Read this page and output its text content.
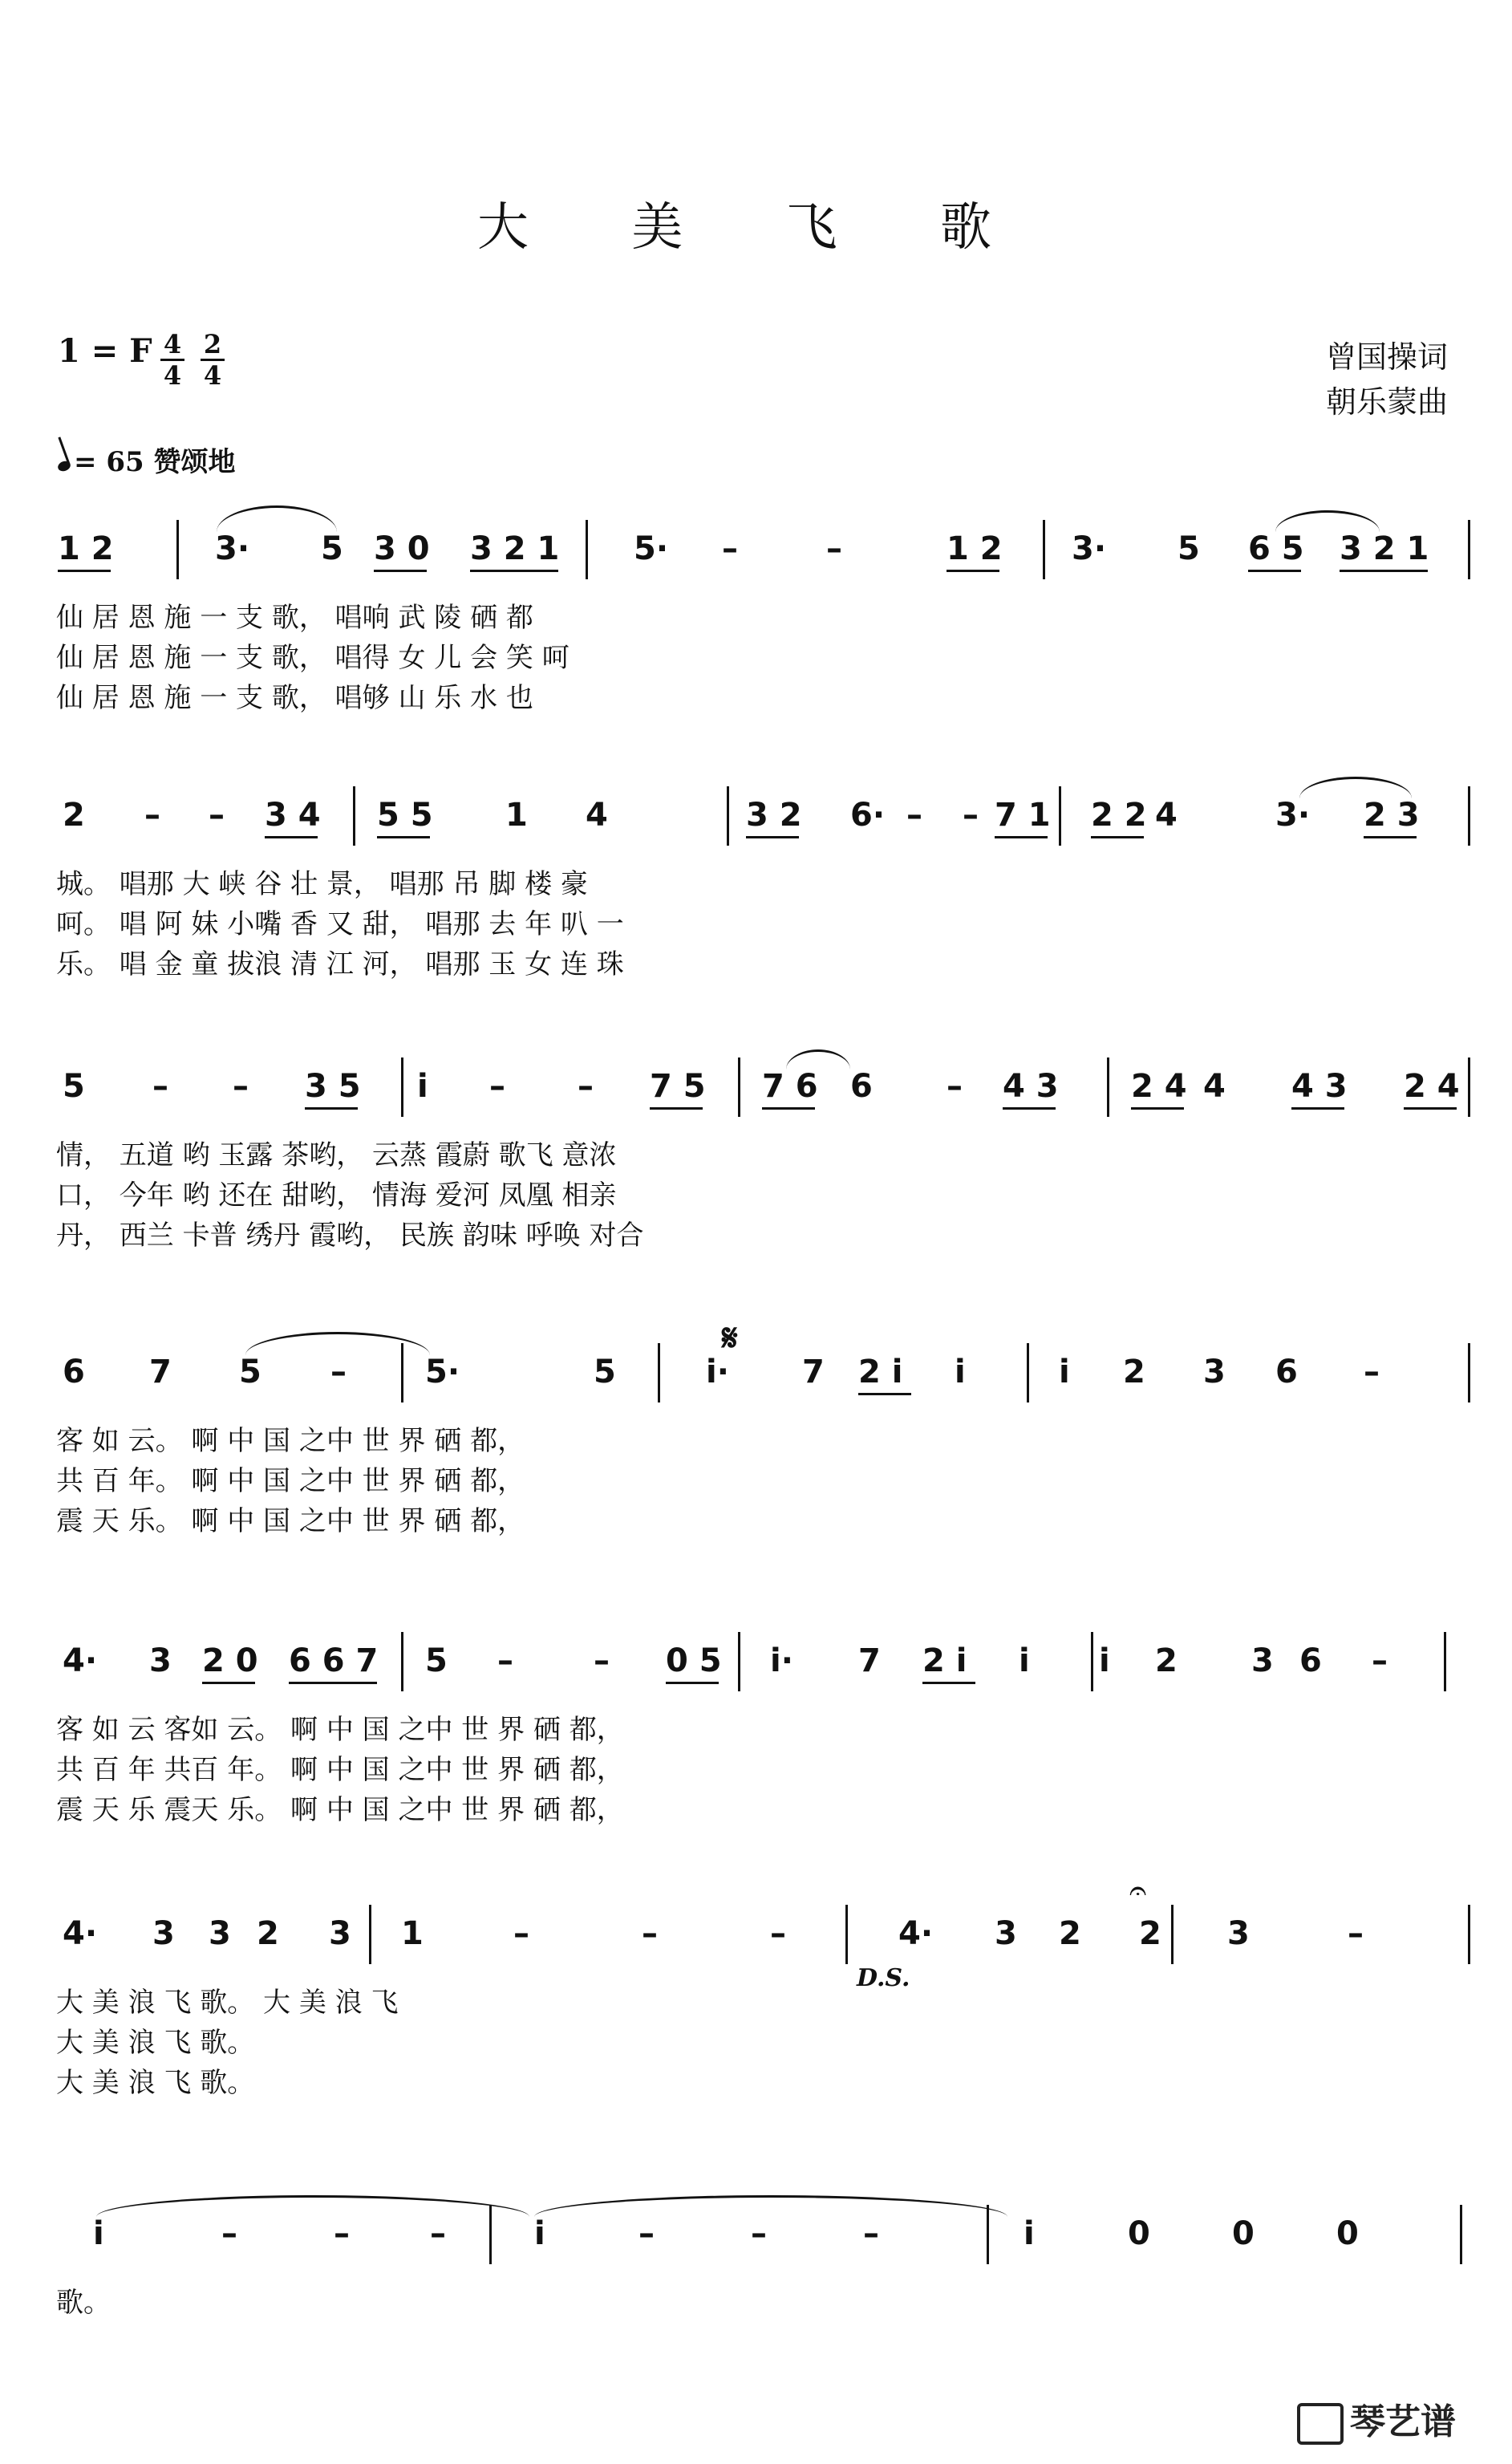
大 美 飞 歌
1 = F 4
4
2
4
曾国操词
朝乐蒙曲
= 65 赞颂地
1 2	3· 5 3 0 3 2 1 5· –	–	1 2 3· 5 6 5 3 2 1
仙 居 恩 施 一 支 歌， 唱响 武 陵 硒 都
仙 居 恩 施 一 支 歌， 唱得 女 儿 会 笑 呵
仙 居 恩 施 一 支 歌， 唱够 山 乐 水 也
2 – – 3 4 5 5 1 4	3 2 6· – – 7 1 2 2 4	3· 2 3
城。 唱那 大 峡 谷 壮 景， 唱那 吊 脚 楼 豪
呵。 唱 阿 妹 小嘴 香 又 甜， 唱那 去 年 叭 一
乐。 唱 金 童 拔浪 清 江 河， 唱那 玉 女 连 珠
5 – – 3 5 i – – 7 5 7 6 6 – 4 3 2 4 4 4 3 2 4
情， 五道 哟 玉露 茶哟， 云蒸 霞蔚 歌飞 意浓
口， 今年 哟 还在 甜哟， 情海 爱河 凤凰 相亲
丹， 西兰 卡普 绣丹 霞哟， 民族 韵味 呼唤 对合
6 7 5 – 5·	5	i· 7 2 i i	i 2 3 6 –
客 如 云。 啊 中 国 之中 世 界 硒 都，
共 百 年。 啊 中 国 之中 世 界 硒 都，
震 天 乐。 啊 中 国 之中 世 界 硒 都，
4· 3 2 0 6 6 7 5 –	– 0 5 i· 7 2 i i i 2 3 6 –
客 如 云 客如 云。 啊 中 国 之中 世 界 硒 都，
共 百 年 共百 年。 啊 中 国 之中 世 界 硒 都，
震 天 乐 震天 乐。 啊 中 国 之中 世 界 硒 都，
4· 3 3 2 3 1	–	–	–	4· 3 2 2 3	–
大 美 浪 飞 歌。 大 美 浪 飞
大 美 浪 飞 歌。
大 美 浪 飞 歌。
i	–	–	–	i	–	–	–	i	0	0	0
歌。
𝄋
D.S.
𝄐
琴艺谱
